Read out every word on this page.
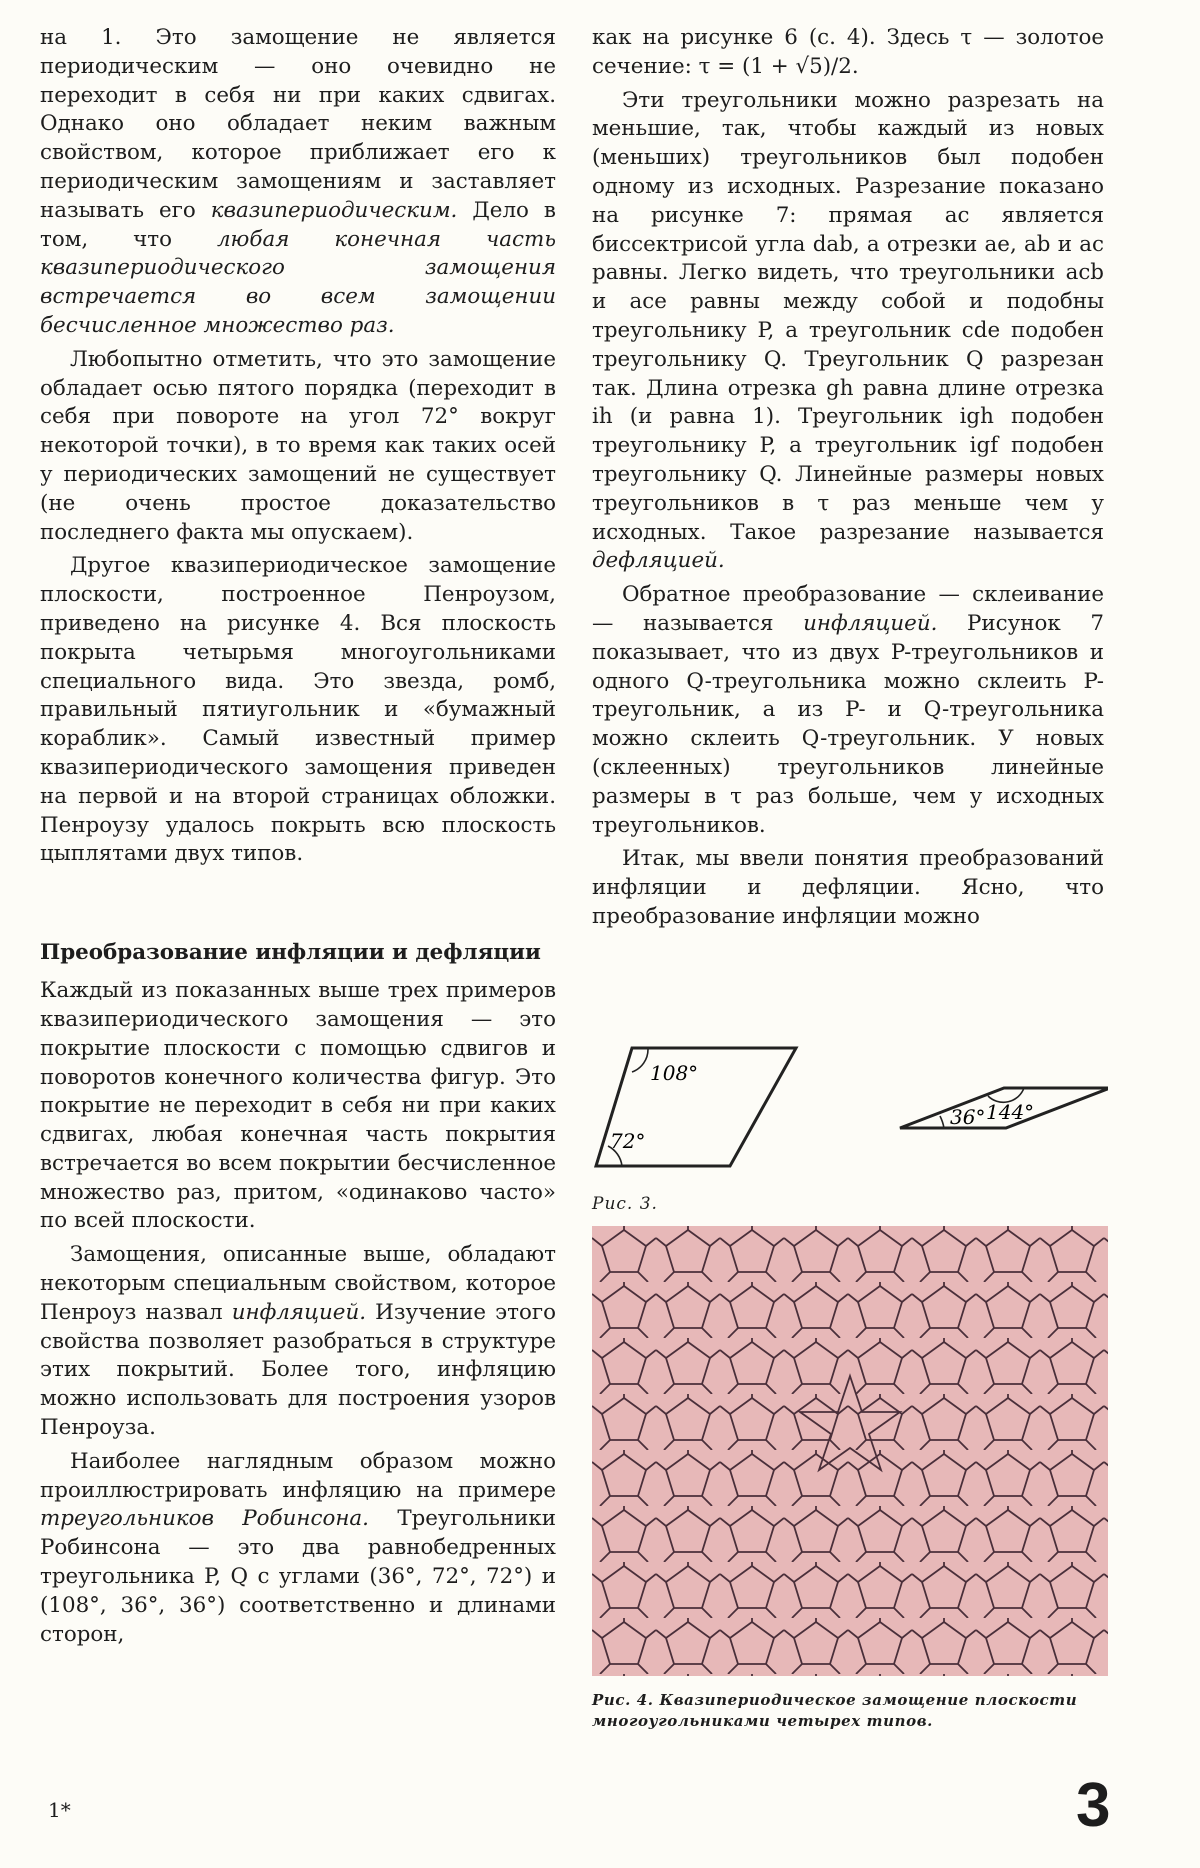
на 1. Это замощение не является периодическим — оно очевидно не переходит в себя ни при каких сдвигах. Однако оно обладает неким важным свойством, которое приближает его к периодическим замощениям и заставляет называть его квазипериодическим. Дело в том, что любая конечная часть квазипериодического замощения встречается во всем замощении бесчисленное множество раз.

Любопытно отметить, что это замощение обладает осью пятого порядка (переходит в себя при повороте на угол 72° вокруг некоторой точки), в то время как таких осей у периодических замощений не существует (не очень простое доказательство последнего факта мы опускаем).

Другое квазипериодическое замощение плоскости, построенное Пенроузом, приведено на рисунке 4. Вся плоскость покрыта четырьмя многоугольниками специального вида. Это звезда, ромб, правильный пятиугольник и «бумажный кораблик». Самый известный пример квазипериодического замощения приведен на первой и на второй страницах обложки. Пенроузу удалось покрыть всю плоскость цыплятами двух типов.

Преобразование инфляции и дефляции

Каждый из показанных выше трех примеров квазипериодического замощения — это покрытие плоскости с помощью сдвигов и поворотов конечного количества фигур. Это покрытие не переходит в себя ни при каких сдвигах, любая конечная часть покрытия встречается во всем покрытии бесчисленное множество раз, притом, «одинаково часто» по всей плоскости.

Замощения, описанные выше, обладают некоторым специальным свойством, которое Пенроуз назвал инфляцией. Изучение этого свойства позволяет разобраться в структуре этих покрытий. Более того, инфляцию можно использовать для построения узоров Пенроуза.

Наиболее наглядным образом можно проиллюстрировать инфляцию на примере треугольников Робинсона. Треугольники Робинсона — это два равнобедренных треугольника P, Q с углами (36°, 72°, 72°) и (108°, 36°, 36°) соответственно и длинами сторон,

как на рисунке 6 (с. 4). Здесь τ — золотое сечение: τ = (1 + √5)/2.

Эти треугольники можно разрезать на меньшие, так, чтобы каждый из новых (меньших) треугольников был подобен одному из исходных. Разрезание показано на рисунке 7: прямая ac является биссектрисой угла dab, а отрезки ae, ab и ac равны. Легко видеть, что треугольники acb и ace равны между собой и подобны треугольнику P, а треугольник cde подобен треугольнику Q. Треугольник Q разрезан так. Длина отрезка gh равна длине отрезка ih (и равна 1). Треугольник igh подобен треугольнику P, а треугольник igf подобен треугольнику Q. Линейные размеры новых треугольников в τ раз меньше чем у исходных. Такое разрезание называется дефляцией.

Обратное преобразование — склеивание — называется инфляцией. Рисунок 7 показывает, что из двух P-треугольников и одного Q-треугольника можно склеить P-треугольник, а из P- и Q-треугольника можно склеить Q-треугольник. У новых (склеенных) треугольников линейные размеры в τ раз больше, чем у исходных треугольников.

Итак, мы ввели понятия преобразований инфляции и дефляции. Ясно, что преобразование инфляции можно

108°
72°
144°
36°
Рис. 3.
Рис. 4. Квазипериодическое замощение плоскости многоугольниками четырех типов.
1*	3
